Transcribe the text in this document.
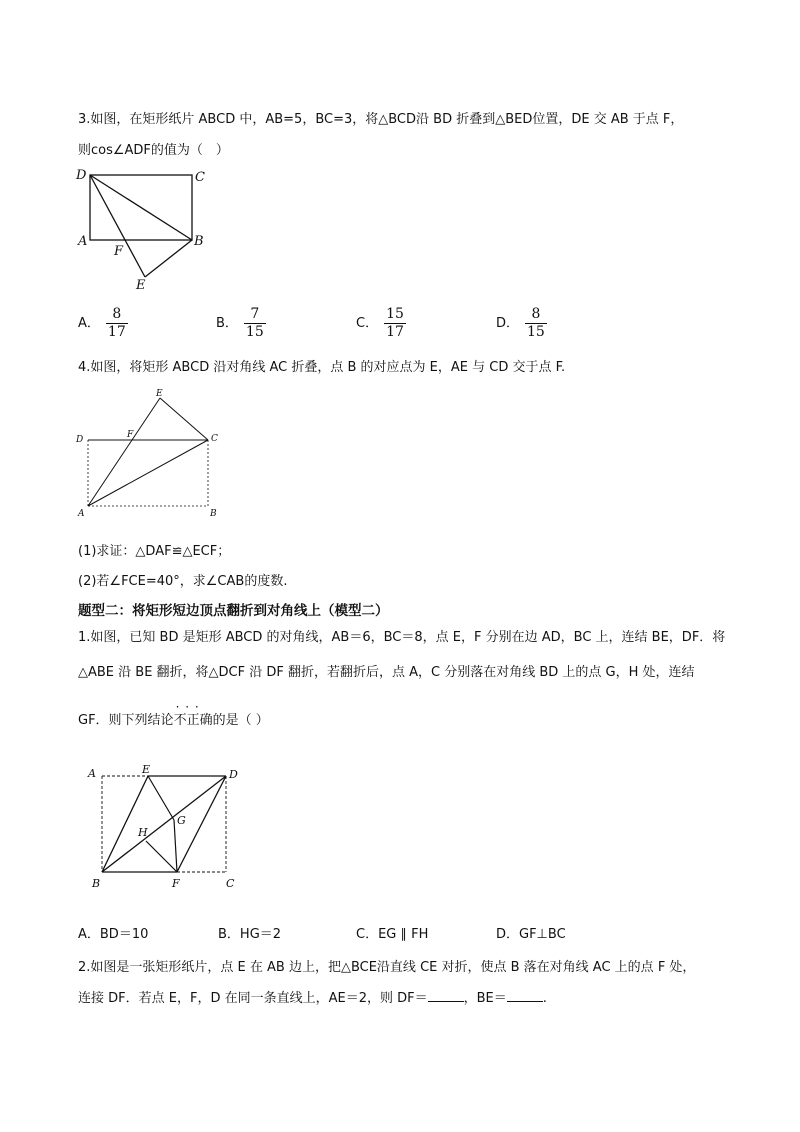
3.如图，在矩形纸片 ABCD 中，AB=5，BC=3，将△BCD沿 BD 折叠到△BED位置，DE 交 AB 于点 F，
则cos∠ADF的值为（　）
D	C
A	B
F
E
A． $\frac{8}{17}$	B． $\frac{7}{15}$	C． $\frac{15}{17}$	D． $\frac{8}{15}$
4.如图，将矩形 ABCD 沿对角线 AC 折叠，点 B 的对应点为 E，AE 与 CD 交于点 F.
E
D	F	C
A	B
(1)求证：△DAF≌△ECF；
(2)若∠FCE=40°，求∠CAB的度数.
题型二：将矩形短边顶点翻折到对角线上（模型二）
1.如图，已知 BD 是矩形 ABCD 的对角线，AB＝6，BC＝8，点 E，F 分别在边 AD，BC 上，连结 BE，DF．将
△ABE 沿 BE 翻折，将△DCF 沿 DF 翻折，若翻折后，点 A，C 分别落在对角线 BD 上的点 G，H 处，连结
GF．则下列结论· · · 不正确的是（ ）
A	E	D
G
H
B	F	C
A．BD＝10	B．HG＝2	C．EG ∥ FH	D．GF⊥BC
2.如图是一张矩形纸片，点 E 在 AB 边上，把△BCE沿直线 CE 对折，使点 B 落在对角线 AC 上的点 F 处，
连接 DF．若点 E，F，D 在同一条直线上，AE＝2，则 DF＝	，BE＝	.
